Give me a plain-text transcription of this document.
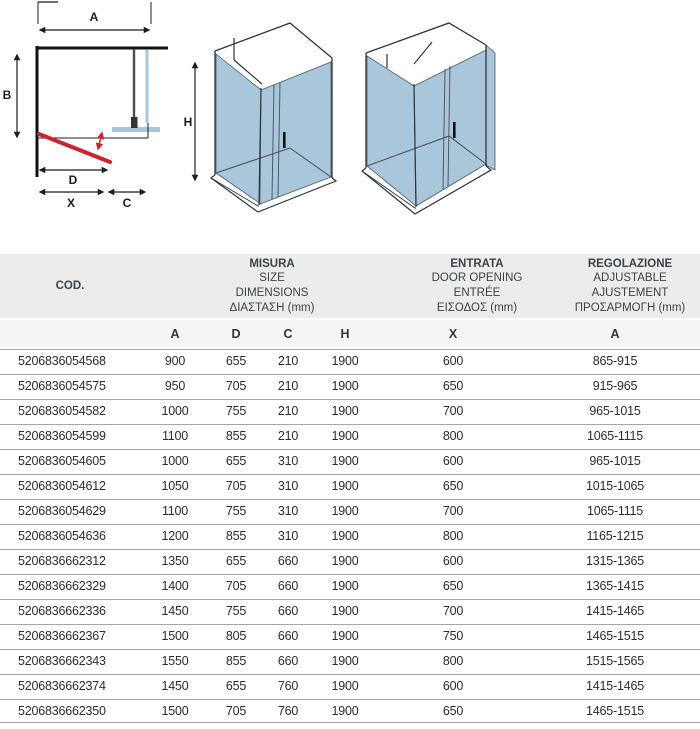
A
B
D
X	C
H
COD.	MISURA
SIZE
DIMENSIONS
ΔΙΑΣΤΑΣΗ (mm)				ENTRATA
DOOR OPENING
ENTRÉE
ΕΙΣΟΔΟΣ (mm)	REGOLAZIONE
ADJUSTABLE
AJUSTEMENT
ΠΡΟΣΑΡΜΟΓΗ (mm)
	A	D	C	H	X	A
5206836054568	900	655	210	1900	600	865-915
5206836054575	950	705	210	1900	650	915-965
5206836054582	1000	755	210	1900	700	965-1015
5206836054599	1100	855	210	1900	800	1065-1115
5206836054605	1000	655	310	1900	600	965-1015
5206836054612	1050	705	310	1900	650	1015-1065
5206836054629	1100	755	310	1900	700	1065-1115
5206836054636	1200	855	310	1900	800	1165-1215
5206836662312	1350	655	660	1900	600	1315-1365
5206836662329	1400	705	660	1900	650	1365-1415
5206836662336	1450	755	660	1900	700	1415-1465
5206836662367	1500	805	660	1900	750	1465-1515
5206836662343	1550	855	660	1900	800	1515-1565
5206836662374	1450	655	760	1900	600	1415-1465
5206836662350	1500	705	760	1900	650	1465-1515
